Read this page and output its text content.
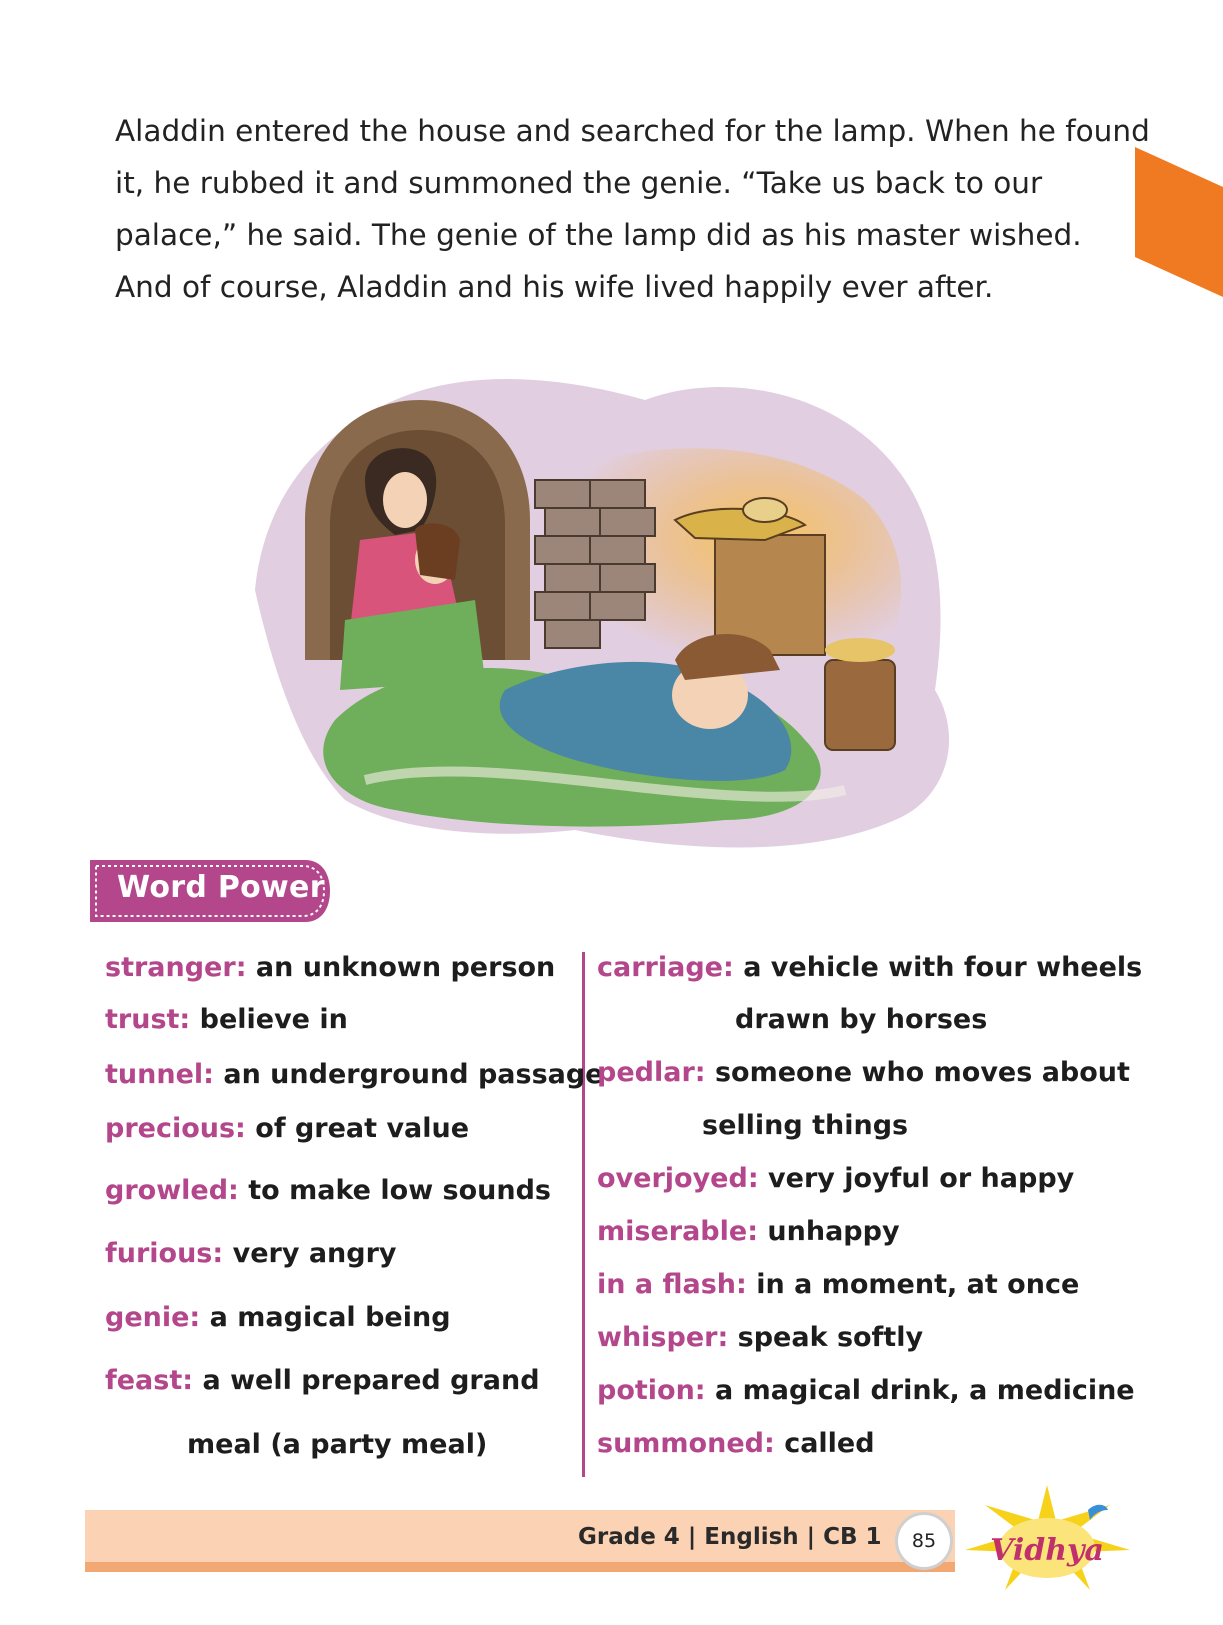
Aladdin entered the house and searched for the lamp. When he found

it, he rubbed it and summoned the genie. “Take us back to our

palace,” he said. The genie of the lamp did as his master wished.

And of course, Aladdin and his wife lived happily ever after.

Word Power
stranger: an unknown person
trust: believe in
tunnel: an underground passage
precious: of great value
growled: to make low sounds
furious: very angry
genie: a magical being
feast: a well prepared grand
meal (a party meal)
carriage: a vehicle with four wheels
drawn by horses
pedlar: someone who moves about
selling things
overjoyed: very joyful or happy
miserable: unhappy
in a flash: in a moment, at once
whisper: speak softly
potion: a magical drink, a medicine
summoned: called
Grade 4 | English | CB 1	85	Vidhya
